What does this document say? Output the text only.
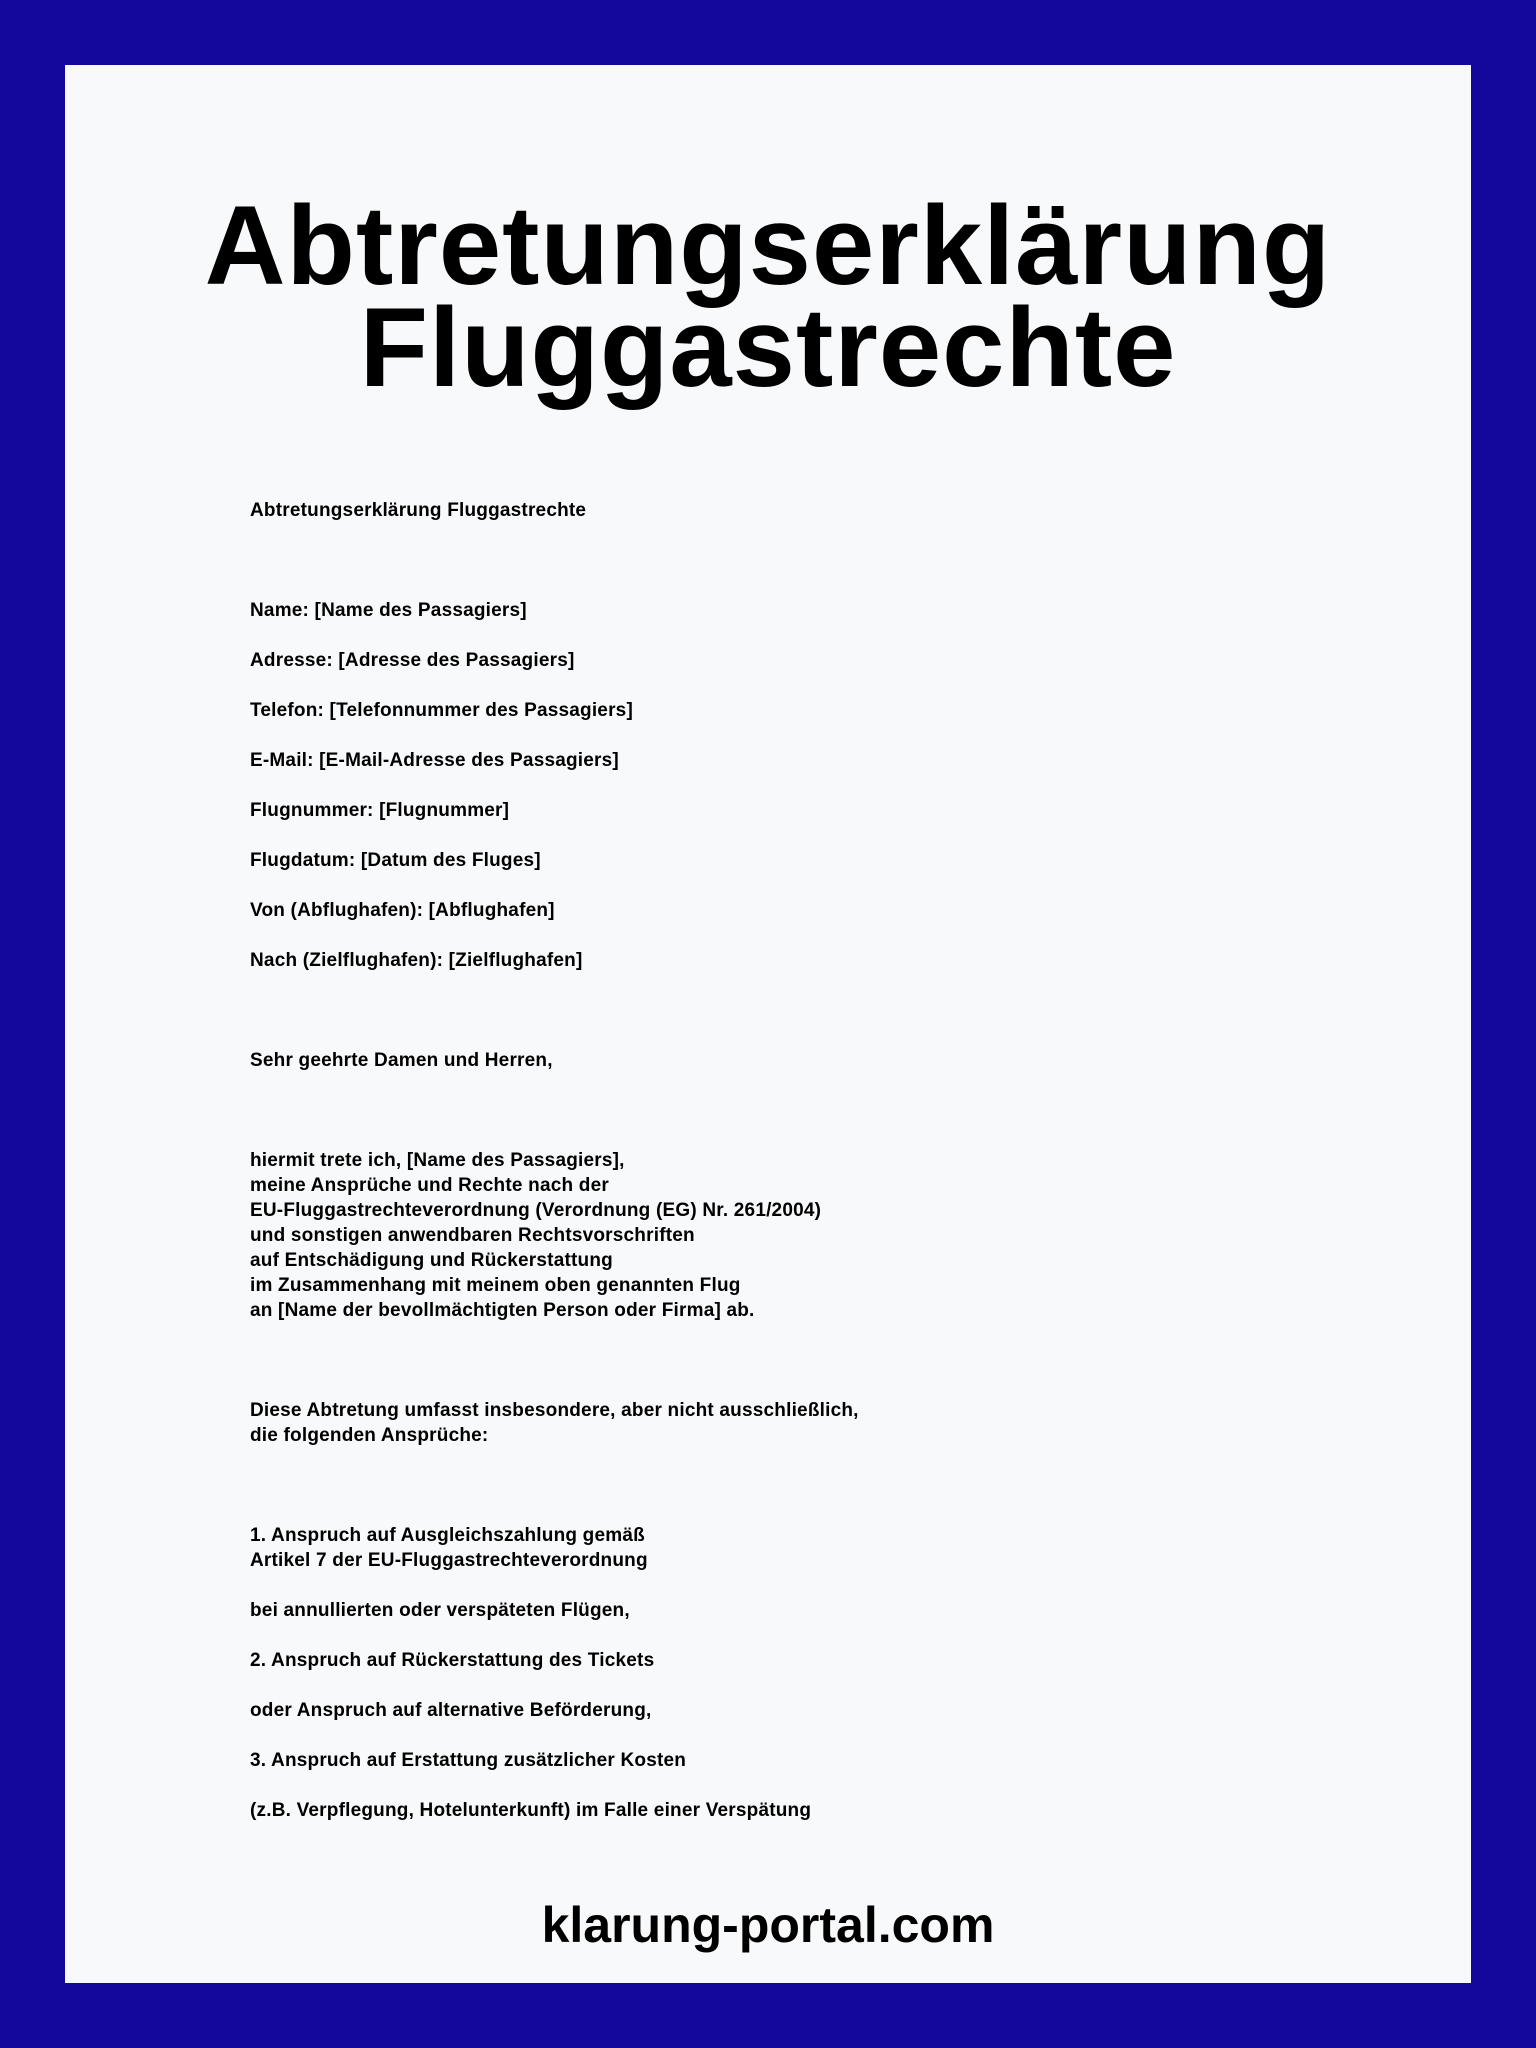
Abtretungserklärung
Fluggastrechte
Abtretungserklärung Fluggastrechte
Name: [Name des Passagiers]
Adresse: [Adresse des Passagiers]
Telefon: [Telefonnummer des Passagiers]
E-Mail: [E-Mail-Adresse des Passagiers]
Flugnummer: [Flugnummer]
Flugdatum: [Datum des Fluges]
Von (Abflughafen): [Abflughafen]
Nach (Zielflughafen): [Zielflughafen]
Sehr geehrte Damen und Herren,
hiermit trete ich, [Name des Passagiers],
meine Ansprüche und Rechte nach der
EU-Fluggastrechteverordnung (Verordnung (EG) Nr. 261/2004)
und sonstigen anwendbaren Rechtsvorschriften
auf Entschädigung und Rückerstattung
im Zusammenhang mit meinem oben genannten Flug
an [Name der bevollmächtigten Person oder Firma] ab.
Diese Abtretung umfasst insbesondere, aber nicht ausschließlich,
die folgenden Ansprüche:
1. Anspruch auf Ausgleichszahlung gemäß
Artikel 7 der EU-Fluggastrechteverordnung
bei annullierten oder verspäteten Flügen,
2. Anspruch auf Rückerstattung des Tickets
oder Anspruch auf alternative Beförderung,
3. Anspruch auf Erstattung zusätzlicher Kosten
(z.B. Verpflegung, Hotelunterkunft) im Falle einer Verspätung
klarung-portal.com
